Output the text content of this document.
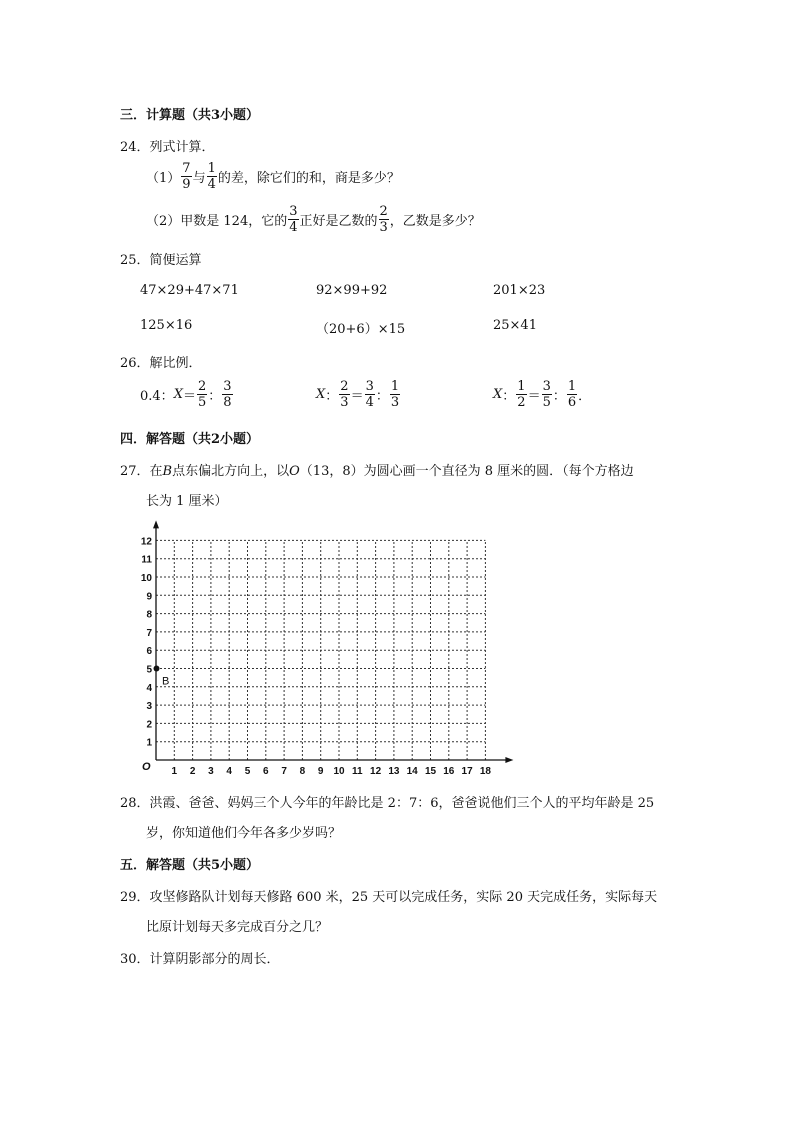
三．计算题（共3小题）
24．列式计算．
$(1) \frac{7}{9}$ 与 $\frac{1}{4}$ 的差，除它们的和，商是多少？
（2）甲数是 124，它的 $\frac{3}{4}$ 正好是乙数的 $\frac{2}{3}$ ，乙数是多少？
25．简便运算
47×29+47×71	92×99+92	201×23
125×16	（20+6）×15	25×41
26．解比例．
0.4： $X = \frac{2}{5}$ ： $\frac{3}{8}$	X ： $\frac{2}{3} = \frac{3}{4}$ ： $\frac{1}{3}$	X ： $\frac{1}{2} = \frac{3}{5}$ ： $\frac{1}{6}$ ．
四．解答题（共2小题）
27．在B点东偏北方向上，以O（13，8）为圆心画一个直径为 8 厘米的圆．（每个方格边
长为 1 厘米）
1 2 3 4 5 6 7 8 9 10 11 12 13 14 15 16 17 18
1
2
3
4
5
6
7
8
9
10
11
12
O
B
28．洪霞、爸爸、妈妈三个人今年的年龄比是 2：7：6，爸爸说他们三个人的平均年龄是 25
岁，你知道他们今年各多少岁吗？
五．解答题（共5小题）
29．攻坚修路队计划每天修路 600 米，25 天可以完成任务，实际 20 天完成任务，实际每天
比原计划每天多完成百分之几？
30．计算阴影部分的周长．
